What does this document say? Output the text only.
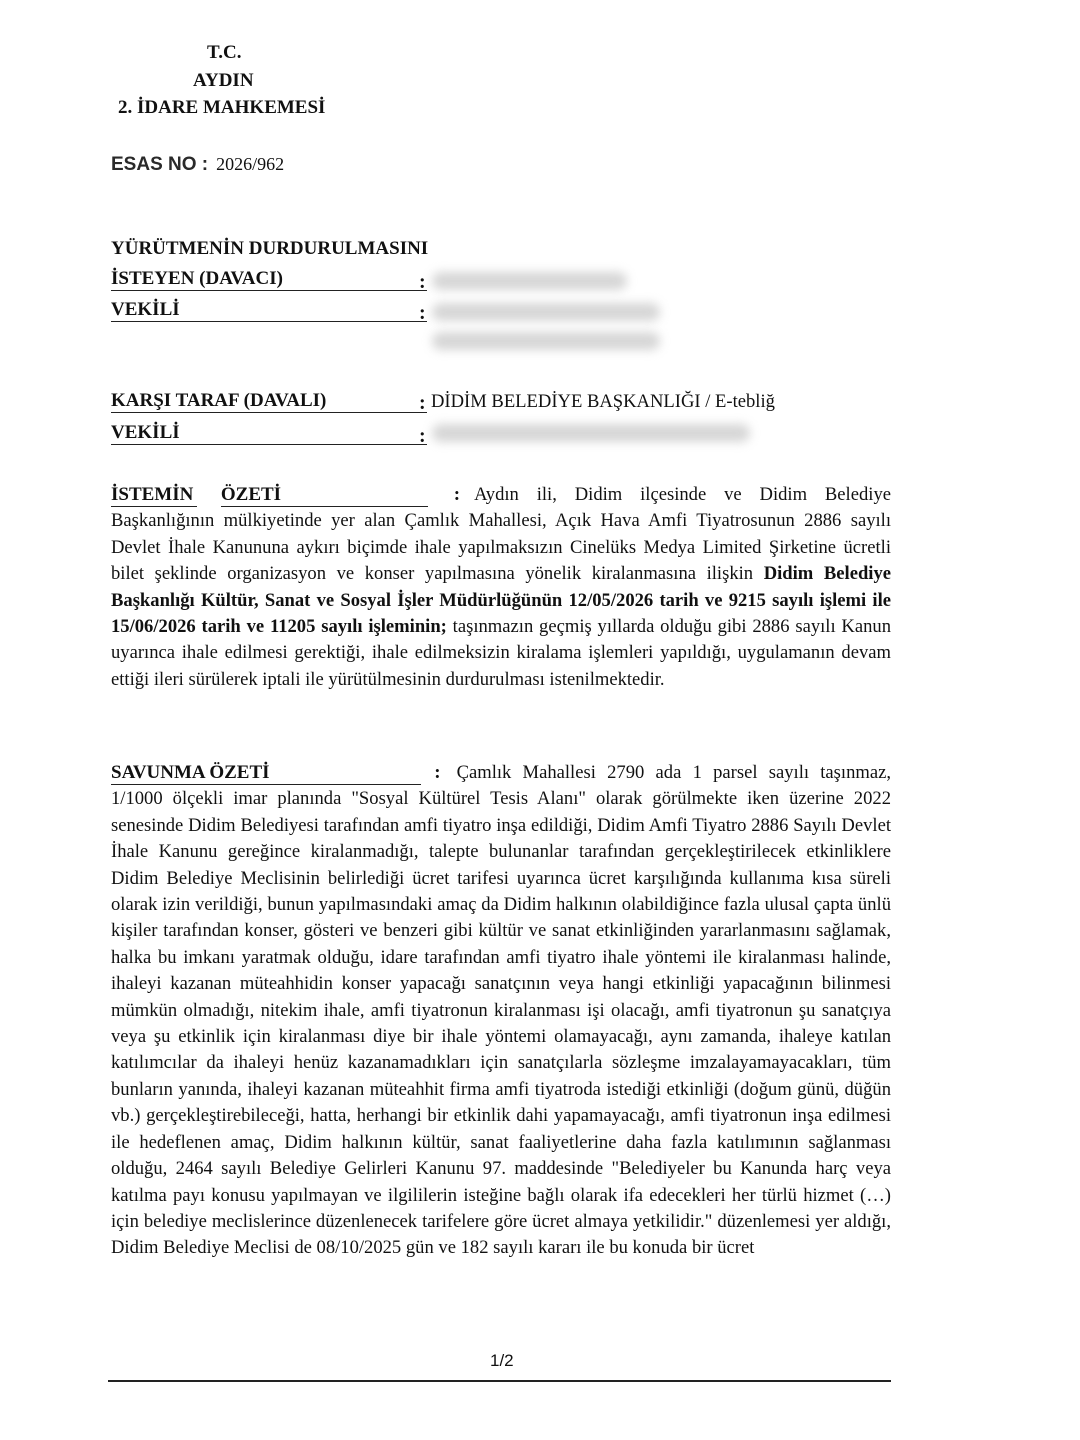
T.C.
AYDIN
2. İDARE MAHKEMESİ
ESAS NO : 2026/962
YÜRÜTMENİN DURDURULMASINI
İSTEYEN (DAVACI)	:
VEKİLİ	:
KARŞI TARAF (DAVALI)	: DİDİM BELEDİYE BAŞKANLIĞI / E-tebliğ
VEKİLİ	:
İSTEMİN ÖZETİ	: Aydın ili, Didim ilçesinde ve Didim Belediye Başkanlığının mülkiyetinde yer alan Çamlık Mahallesi, Açık Hava Amfi Tiyatrosunun 2886 sayılı Devlet İhale Kanununa aykırı biçimde ihale yapılmaksızın Cinelüks Medya Limited Şirketine ücretli bilet şeklinde organizasyon ve konser yapılmasına yönelik kiralanmasına ilişkin Didim Belediye Başkanlığı Kültür, Sanat ve Sosyal İşler Müdürlüğünün 12/05/2026 tarih ve 9215 sayılı işlemi ile 15/06/2026 tarih ve 11205 sayılı işleminin; taşınmazın geçmiş yıllarda olduğu gibi 2886 sayılı Kanun uyarınca ihale edilmesi gerektiği, ihale edilmeksizin kiralama işlemleri yapıldığı, uygulamanın devam ettiği ileri sürülerek iptali ile yürütülmesinin durdurulması istenilmektedir.
SAVUNMA ÖZETİ	: Çamlık Mahallesi 2790 ada 1 parsel sayılı taşınmaz, 1/1000 ölçekli imar planında "Sosyal Kültürel Tesis Alanı" olarak görülmekte iken üzerine 2022 senesinde Didim Belediyesi tarafından amfi tiyatro inşa edildiği, Didim Amfi Tiyatro 2886 Sayılı Devlet İhale Kanunu gereğince kiralanmadığı, talepte bulunanlar tarafından gerçekleştirilecek etkinliklere Didim Belediye Meclisinin belirlediği ücret tarifesi uyarınca ücret karşılığında kullanıma kısa süreli olarak izin verildiği, bunun yapılmasındaki amaç da Didim halkının olabildiğince fazla ulusal çapta ünlü kişiler tarafından konser, gösteri ve benzeri gibi kültür ve sanat etkinliğinden yararlanmasını sağlamak, halka bu imkanı yaratmak olduğu, idare tarafından amfi tiyatro ihale yöntemi ile kiralanması halinde, ihaleyi kazanan müteahhidin konser yapacağı sanatçının veya hangi etkinliği yapacağının bilinmesi mümkün olmadığı, nitekim ihale, amfi tiyatronun kiralanması işi olacağı, amfi tiyatronun şu sanatçıya veya şu etkinlik için kiralanması diye bir ihale yöntemi olamayacağı, aynı zamanda, ihaleye katılan katılımcılar da ihaleyi henüz kazanamadıkları için sanatçılarla sözleşme imzalayamayacakları, tüm bunların yanında, ihaleyi kazanan müteahhit firma amfi tiyatroda istediği etkinliği (doğum günü, düğün vb.) gerçekleştirebileceği, hatta, herhangi bir etkinlik dahi yapamayacağı, amfi tiyatronun inşa edilmesi ile hedeflenen amaç, Didim halkının kültür, sanat faaliyetlerine daha fazla katılımının sağlanması olduğu, 2464 sayılı Belediye Gelirleri Kanunu 97. maddesinde "Belediyeler bu Kanunda harç veya katılma payı konusu yapılmayan ve ilgililerin isteğine bağlı olarak ifa edecekleri her türlü hizmet (…) için belediye meclislerince düzenlenecek tarifelere göre ücret almaya yetkilidir." düzenlemesi yer aldığı, Didim Belediye Meclisi de 08/10/2025 gün ve 182 sayılı kararı ile bu konuda bir ücret
1/2
